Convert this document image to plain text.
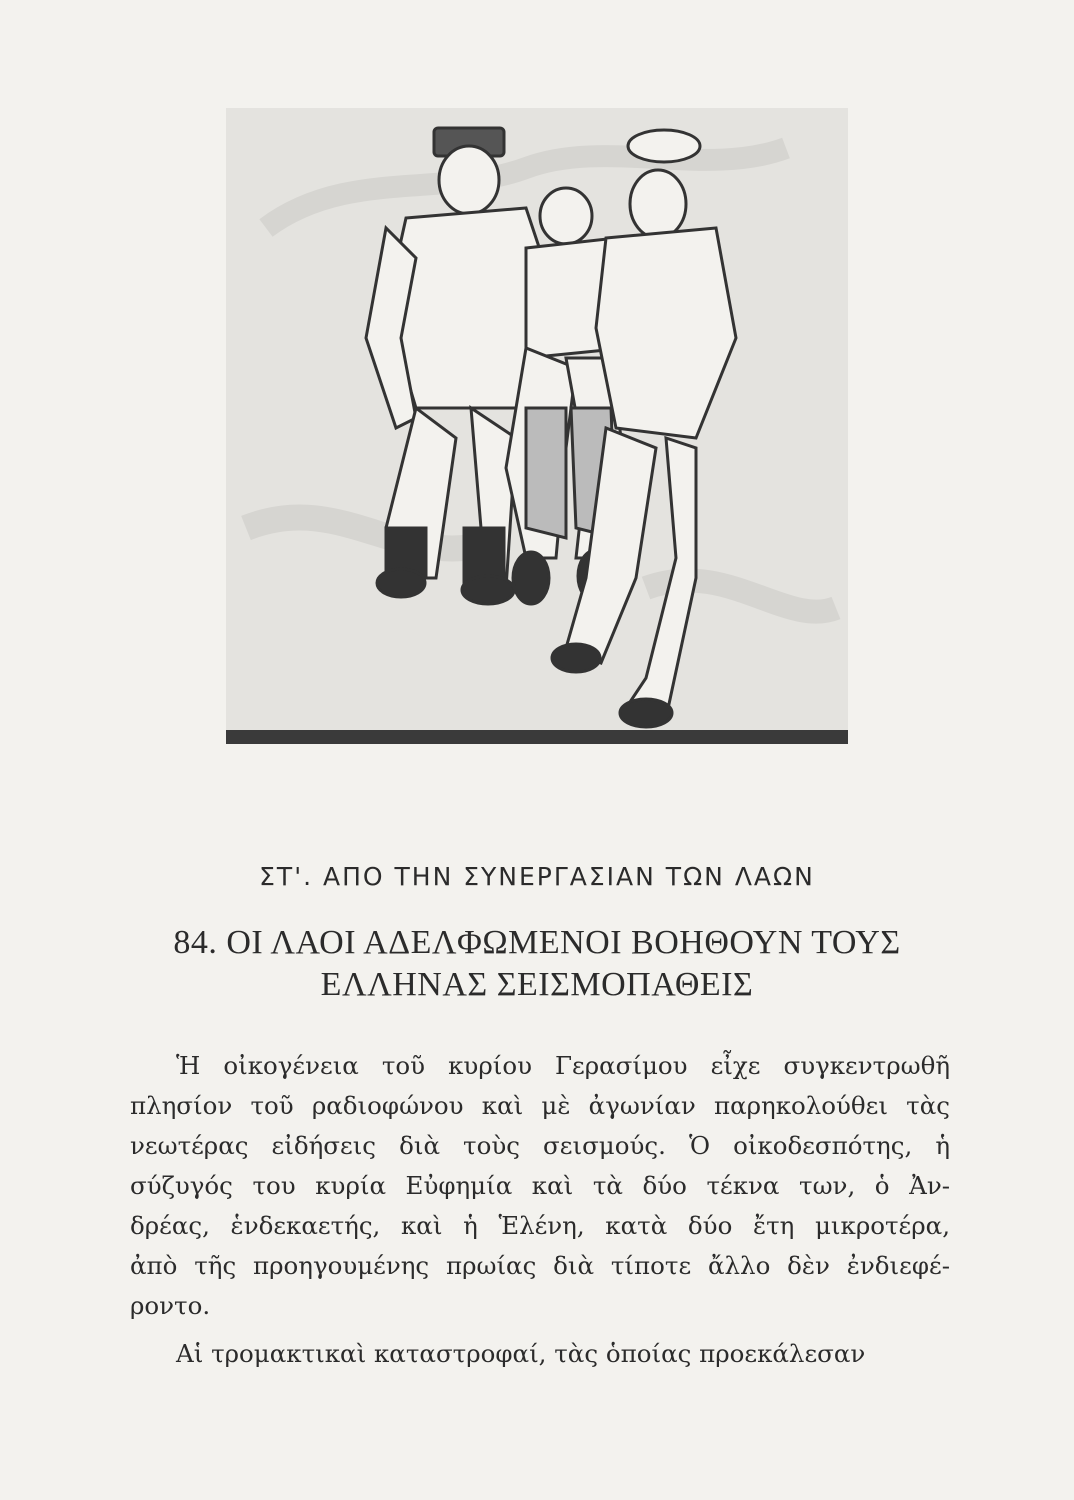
ΣΤ'. ΑΠΟ ΤΗΝ ΣΥΝΕΡΓΑΣΙΑΝ ΤΩΝ ΛΑΩΝ
84. ΟΙ ΛΑΟΙ ΑΔΕΛΦΩΜΕΝΟΙ ΒΟΗΘΟΥΝ ΤΟΥΣ
ΕΛΛΗΝΑΣ ΣΕΙΣΜΟΠΑΘΕΙΣ
Ἡ οἰκογένεια τοῦ κυρίου Γερασίμου εἶχε συγκεντρωθῆ
πλησίον τοῦ ραδιοφώνου καὶ μὲ ἀγωνίαν παρηκολούθει τὰς
νεωτέρας εἰδήσεις διὰ τοὺς σεισμούς. Ὁ οἰκοδεσπότης, ἡ
σύζυγός του κυρία Εὐφημία καὶ τὰ δύο τέκνα των, ὁ Ἀν-
δρέας, ἑνδεκαετής, καὶ ἡ Ἑλένη, κατὰ δύο ἔτη μικροτέρα,
ἀπὸ τῆς προηγουμένης πρωίας διὰ τίποτε ἄλλο δὲν ἐνδιεφέ-
ροντο.
Αἱ τρομακτικαὶ καταστροφαί, τὰς ὁποίας προεκάλεσαν
